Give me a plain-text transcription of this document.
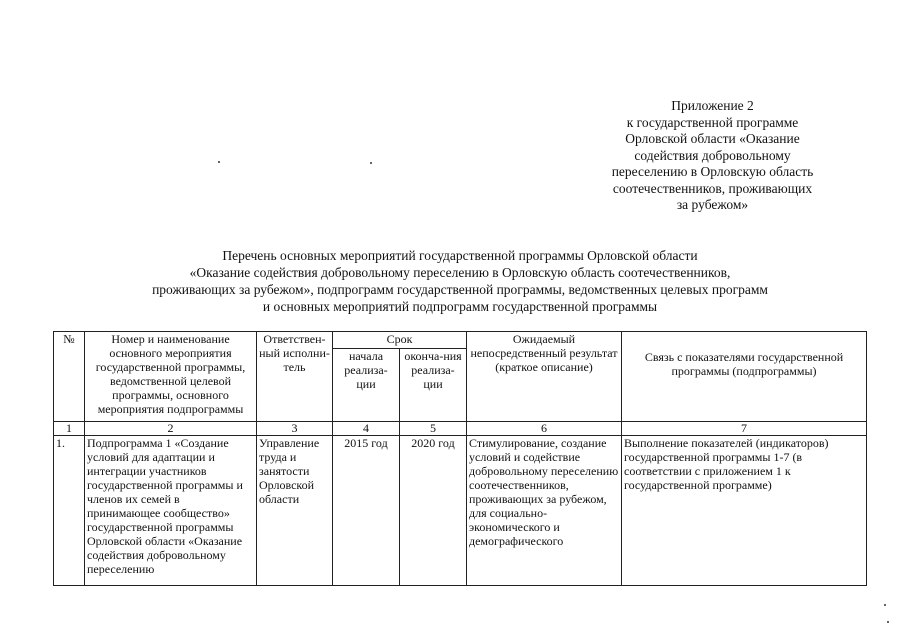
Приложение 2
к государственной программе
Орловской области «Оказание
содействия добровольному
переселению в Орловскую область
соотечественников, проживающих
за рубежом»
Перечень основных мероприятий государственной программы Орловской области
«Оказание содействия добровольному переселению в Орловскую область соотечественников,
проживающих за рубежом», подпрограмм государственной программы, ведомственных целевых программ
и основных мероприятий подпрограмм государственной программы
№	Номер и наименование основного мероприятия государственной программы, ведомственной целевой программы, основного мероприятия подпрограммы	Ответствен-ный исполни-тель	Срок		Ожидаемый непосредственный результат (краткое описание)	Связь с показателями государственной программы (подпрограммы)
			начала реализа-ции	оконча-ния реализа-ции		
1	2	3	4	5	6	7
1.	Подпрограмма 1 «Создание условий для адаптации и интеграции участников государственной программы и членов их семей в принимающее сообщество» государственной программы Орловской области «Оказание содействия добровольному переселению	Управление труда и занятости Орловской области	2015 год	2020 год	Стимулирование, создание условий и содействие добровольному переселению соотечественников, проживающих за рубежом, для социально-экономического и демографического	Выполнение показателей (индикаторов) государственной программы 1-7 (в соответствии с приложением 1 к государственной программе)
